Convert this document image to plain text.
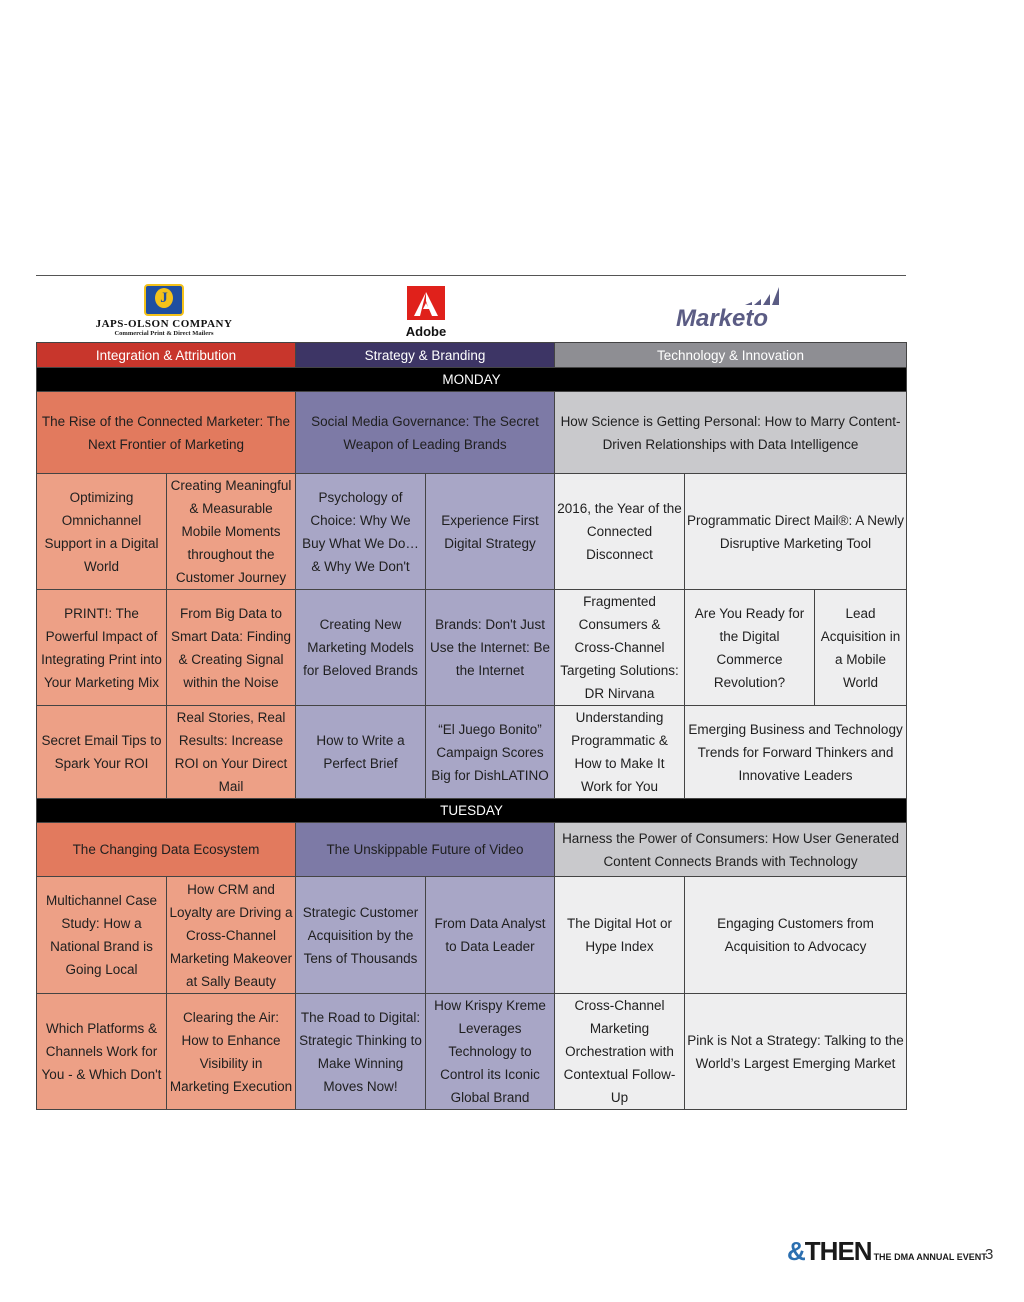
J
JAPS-OLSON COMPANY
Commercial Print & Direct Mailers	Adobe	Marketo
Integration & Attribution		Strategy & Branding		Technology & Innovation		
MONDAY						
The Rise of the Connected Marketer: The Next Frontier of Marketing		Social Media Governance: The Secret Weapon of Leading Brands		How Science is Getting Personal: How to Marry Content-Driven Relationships with Data Intelligence		
Optimizing Omnichannel Support in a Digital World	Creating Meaningful & Measurable Mobile Moments throughout the Customer Journey	Psychology of Choice: Why We Buy What We Do… & Why We Don't	Experience First Digital Strategy	2016, the Year of the Connected Disconnect	Programmatic Direct Mail®: A Newly Disruptive Marketing Tool	
PRINT!: The Powerful Impact of Integrating Print into Your Marketing Mix	From Big Data to Smart Data: Finding & Creating Signal within the Noise	Creating New Marketing Models for Beloved Brands	Brands: Don't Just Use the Internet: Be the Internet	Fragmented Consumers & Cross-Channel Targeting Solutions: DR Nirvana	Are You Ready for the Digital Commerce Revolution?	Lead Acquisition in a Mobile World
Secret Email Tips to Spark Your ROI	Real Stories, Real Results: Increase ROI on Your Direct Mail	How to Write a Perfect Brief	“El Juego Bonito” Campaign Scores Big for DishLATINO	Understanding Programmatic & How to Make It Work for You	Emerging Business and Technology Trends for Forward Thinkers and Innovative Leaders	
TUESDAY						
The Changing Data Ecosystem		The Unskippable Future of Video		Harness the Power of Consumers: How User Generated Content Connects Brands with Technology		
Multichannel Case Study: How a National Brand is Going Local	How CRM and Loyalty are Driving a Cross-Channel Marketing Makeover at Sally Beauty	Strategic Customer Acquisition by the Tens of Thousands	From Data Analyst to Data Leader	The Digital Hot or Hype Index	Engaging Customers from Acquisition to Advocacy	
Which Platforms & Channels Work for You - & Which Don't	Clearing the Air: How to Enhance Visibility in Marketing Execution	The Road to Digital: Strategic Thinking to Make Winning Moves Now!	How Krispy Kreme Leverages Technology to Control its Iconic Global Brand	Cross-Channel Marketing Orchestration with Contextual Follow-Up	Pink is Not a Strategy: Talking to the World’s Largest Emerging Market	
&THEN THE DMA ANNUAL EVENT
3
